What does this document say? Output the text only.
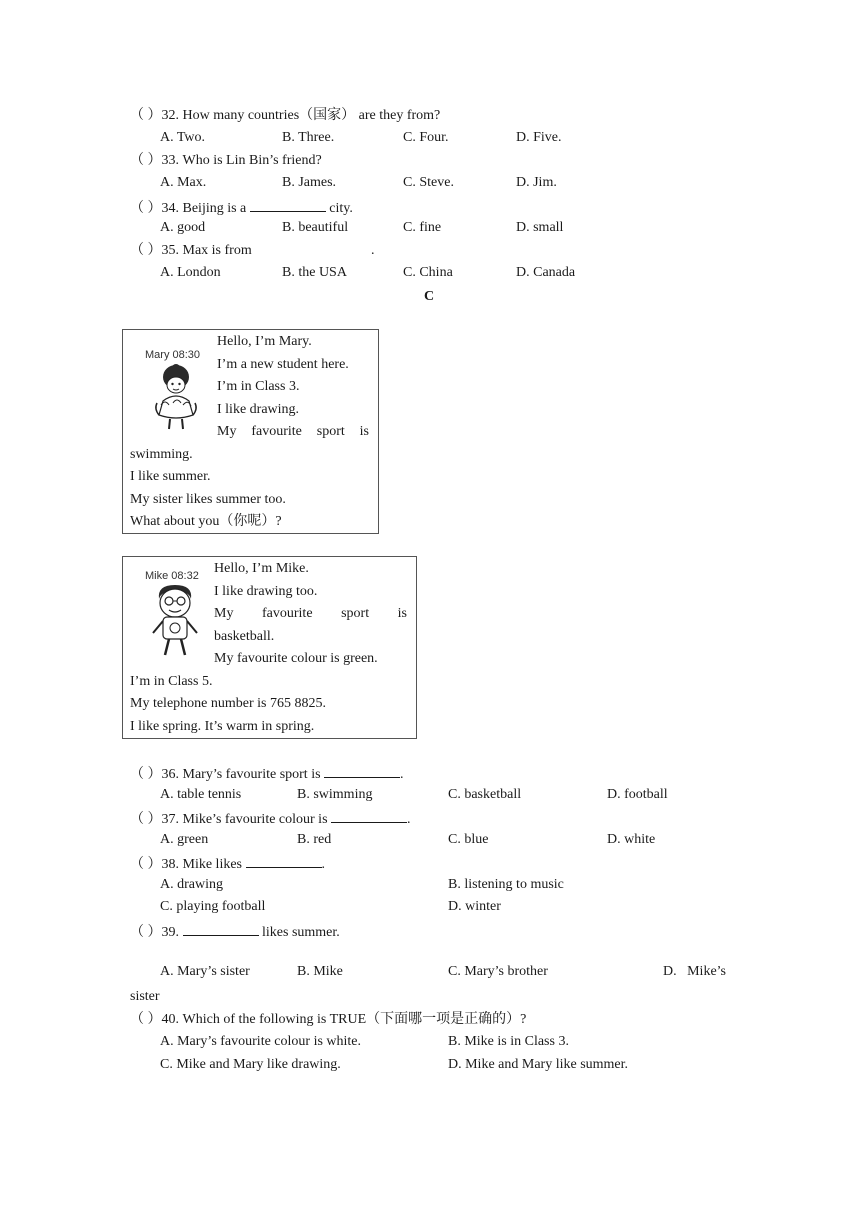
（ ）32. How many countries（国家） are they from?
A. Two.	B. Three.	C. Four.	D. Five.
（ ）33. Who is Lin Bin’s friend?
A. Max.	B. James.	C. Steve.	D. Jim.
（ ）34. Beijing is a	city.
A. good	B. beautiful	C. fine	D. small
（ ）35. Max is from	.
A. London	B. the USA	C. China	D. Canada
C
Mary 08:30
Hello, I’m Mary.
I’m a new student here.
I’m in Class 3.
I like drawing.
My favourite sport is
swimming.
I like summer.
My sister likes summer too.
What about you（你呢）?
Mike 08:32 Hello, I’m Mike.
I like drawing too.
My favourite sport is
basketball.
My favourite colour is green.
I’m in Class 5.
My telephone number is 765 8825.
I like spring. It’s warm in spring.
（ ）36. Mary’s favourite sport is	.
A. table tennis	B. swimming	C. basketball	D. football
（ ）37. Mike’s favourite colour is	.
A. green	B. red	C. blue	D. white
（ ）38. Mike likes	.
A. drawing	B. listening to music
C. playing football	D. winter
（ ）39.	likes summer.
A. Mary’s sister	B. Mike	C. Mary’s brother	D.   Mike’s
sister
（ ）40. Which of the following is TRUE（下面哪一项是正确的）?
A. Mary’s favourite colour is white.	B. Mike is in Class 3.
C. Mike and Mary like drawing.	D. Mike and Mary like summer.
